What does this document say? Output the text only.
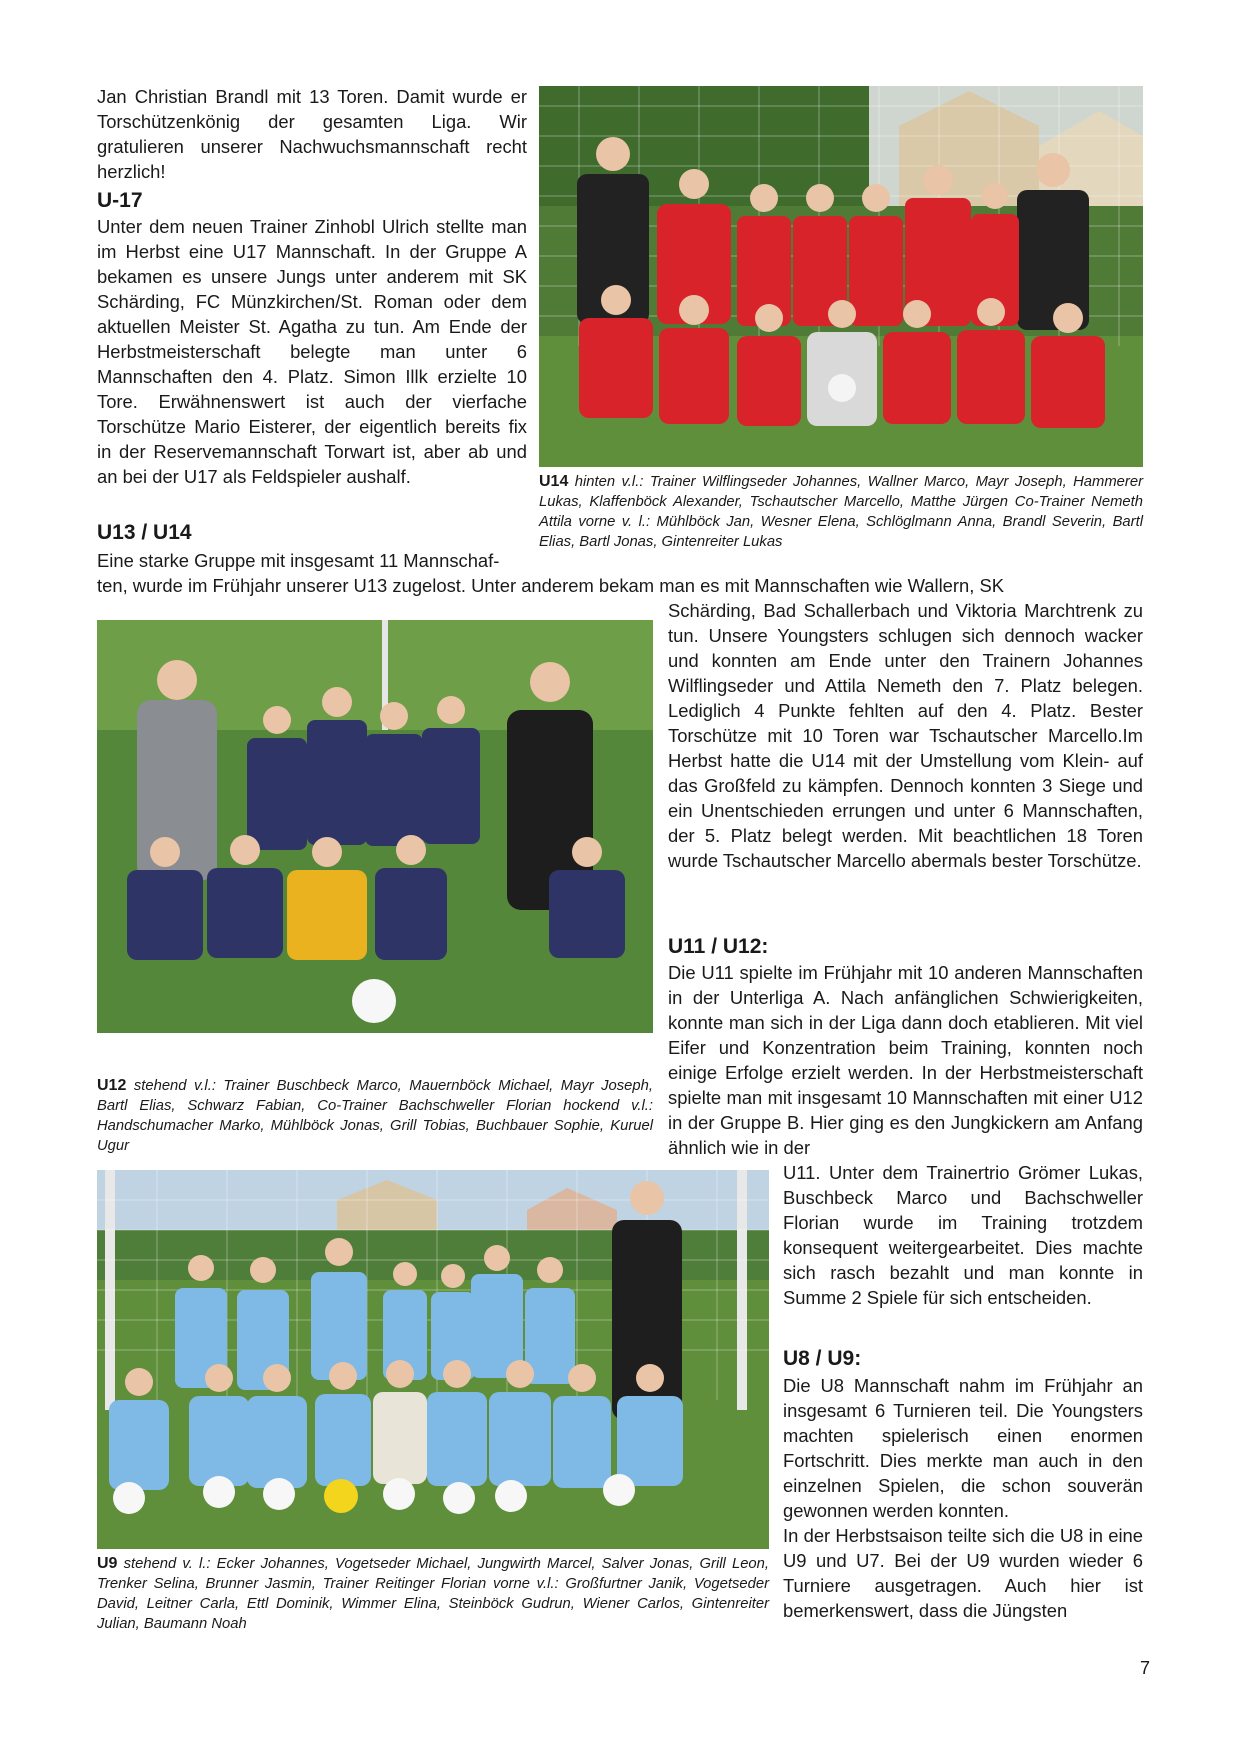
Jan Christian Brandl mit 13 Toren. Damit wurde er Torschützenkönig der gesamten Liga. Wir gratulieren unserer Nachwuchsmannschaft recht herzlich!

U-17

Unter dem neuen Trainer Zinhobl Ulrich stellte man im Herbst eine U17 Mannschaft. In der Gruppe A bekamen es unsere Jungs unter anderem mit SK Schärding, FC Münzkirchen/St. Roman oder dem aktuellen Meister St. Agatha zu tun. Am Ende der Herbstmeisterschaft belegte man unter 6 Mannschaften den 4. Platz. Simon Illk erzielte 10 Tore. Erwähnenswert ist auch der vierfache Torschütze Mario Eisterer, der eigentlich bereits fix in der Reservemannschaft Torwart ist, aber ab und an bei der U17 als Feldspieler aushalf.

U13 / U14
Eine starke Gruppe mit insgesamt 11 Mannschaf-
ten, wurde im Frühjahr unserer U13 zugelost. Unter anderem bekam man es mit Mannschaften wie Wallern, SK
U14 hinten v.l.: Trainer Wilflingseder Johannes, Wallner Marco, Mayr Joseph, Hammerer Lukas, Klaffenböck Alexander, Tschautscher Marcello, Matthe Jürgen Co-Trainer Nemeth Attila vorne v. l.: Mühlböck Jan, Wesner Elena, Schlöglmann Anna, Brandl Severin, Bartl Elias, Bartl Jonas, Gintenreiter Lukas
U12 stehend v.l.: Trainer Buschbeck Marco, Mauernböck Michael, Mayr Joseph, Bartl Elias, Schwarz Fabian, Co-Trainer Bachschweller Florian hockend v.l.: Handschumacher Marko, Mühlböck Jonas, Grill Tobias, Buchbauer Sophie, Kuruel Ugur

Schärding, Bad Schallerbach und Viktoria Marchtrenk zu tun. Unsere Youngsters schlugen sich dennoch wacker und konnten am Ende unter den Trainern Johannes Wilflingseder und Attila Nemeth den 7. Platz belegen. Lediglich 4 Punkte fehlten auf den 4. Platz. Bester Torschütze mit 10 Toren war Tschautscher Marcello.Im Herbst hatte die U14 mit der Umstellung vom Klein- auf das Großfeld zu kämpfen. Dennoch konnten 3 Siege und ein Unentschieden errungen und unter 6 Mannschaften, der 5. Platz belegt werden. Mit beachtlichen 18 Toren wurde Tschautscher Marcello abermals bester Torschütze.

U11 / U12:

Die U11 spielte im Frühjahr mit 10 anderen Mannschaften in der Unterliga A. Nach anfänglichen Schwierigkeiten, konnte man sich in der Liga dann doch etablieren. Mit viel Eifer und Konzentration beim Training, konnten noch einige Erfolge erzielt werden. In der Herbstmeisterschaft spielte man mit insgesamt 10 Mannschaften mit einer U12 in der Gruppe B. Hier ging es den Jungkickern am Anfang ähnlich wie in der

U11. Unter dem Trainertrio Grömer Lukas, Buschbeck Marco und Bachschweller Florian wurde im Training trotzdem konsequent weitergearbeitet. Dies machte sich rasch bezahlt und man konnte in Summe 2 Spiele für sich entscheiden.

U9 stehend v. l.: Ecker Johannes, Vogetseder Michael, Jungwirth Marcel, Salver Jonas, Grill Leon, Trenker Selina, Brunner Jasmin, Trainer Reitinger Florian vorne v.l.: Großfurtner Janik, Vogetseder David, Leitner Carla, Ettl Dominik, Wimmer Elina, Steinböck Gudrun, Wiener Carlos, Gintenreiter Julian, Baumann Noah
U8 / U9:

Die U8 Mannschaft nahm im Frühjahr an insgesamt 6 Turnieren teil. Die Youngsters machten spielerisch einen enormen Fortschritt. Dies merkte man auch in den einzelnen Spielen, die schon souverän gewonnen werden konnten.

In der Herbstsaison teilte sich die U8 in eine U9 und U7. Bei der U9 wurden wieder 6 Turniere ausgetragen. Auch hier ist bemerkenswert, dass die Jüngsten

7
